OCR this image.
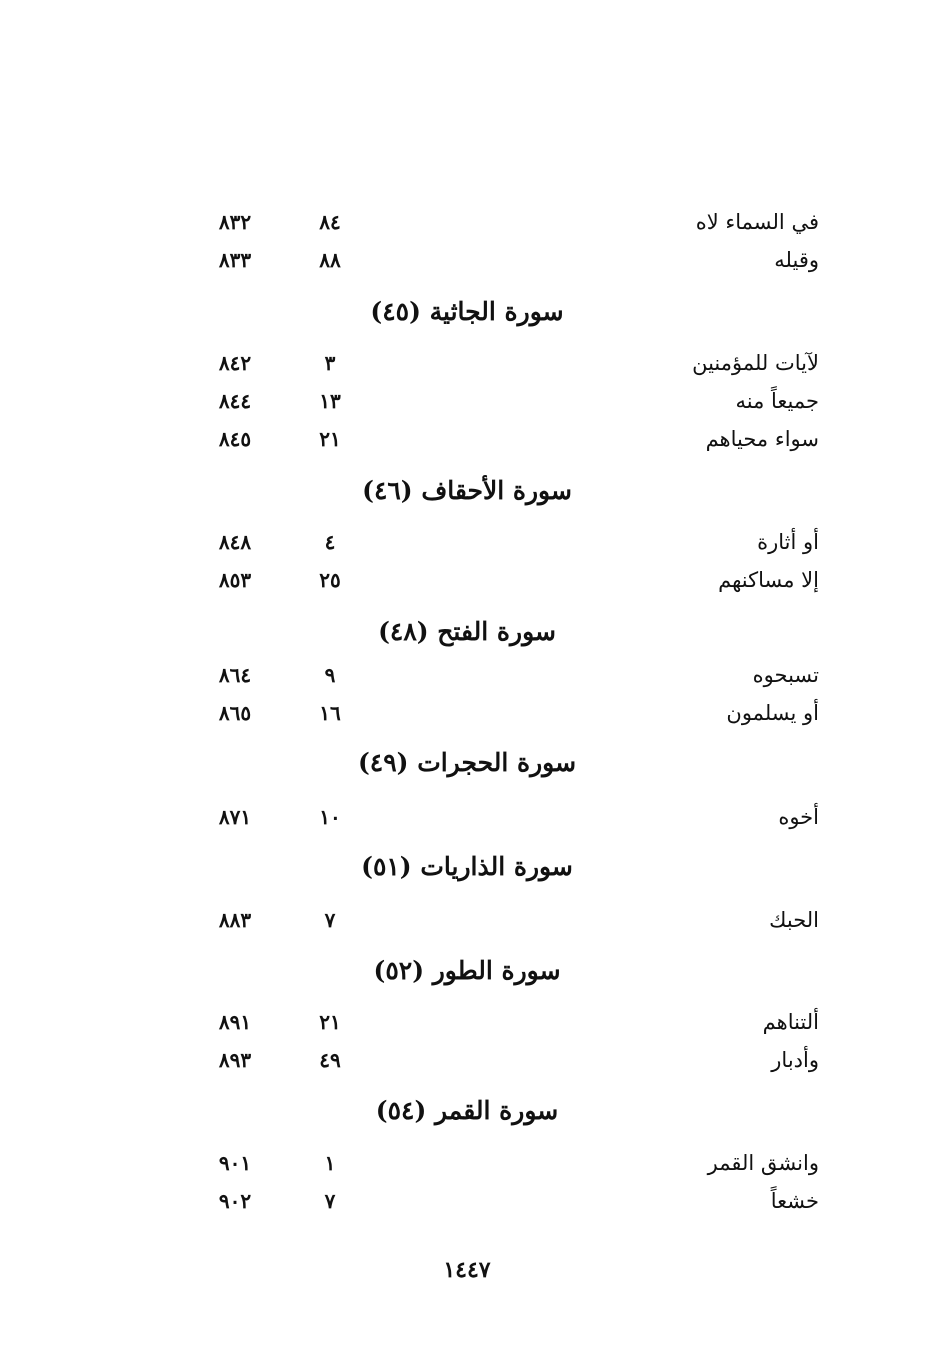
في السماء لاه
٨٤
٨٣٢
وقيله
٨٨
٨٣٣
سورة الجاثية (٤٥)
لآيات للمؤمنين
٣
٨٤٢
جميعاً منه
١٣
٨٤٤
سواء محياهم
٢١
٨٤٥
سورة الأحقاف (٤٦)
أو أثارة
٤
٨٤٨
إلا مساكنهم
٢٥
٨٥٣
سورة الفتح (٤٨)
تسبحوه
٩
٨٦٤
أو يسلمون
١٦
٨٦٥
سورة الحجرات (٤٩)
أخوه
١٠
٨٧١
سورة الذاريات (٥١)
الحبك
٧
٨٨٣
سورة الطور (٥٢)
ألتناهم
٢١
٨٩١
وأدبار
٤٩
٨٩٣
سورة القمر (٥٤)
وانشق القمر
١
٩٠١
خشعاً
٧
٩٠٢
١٤٤٧
